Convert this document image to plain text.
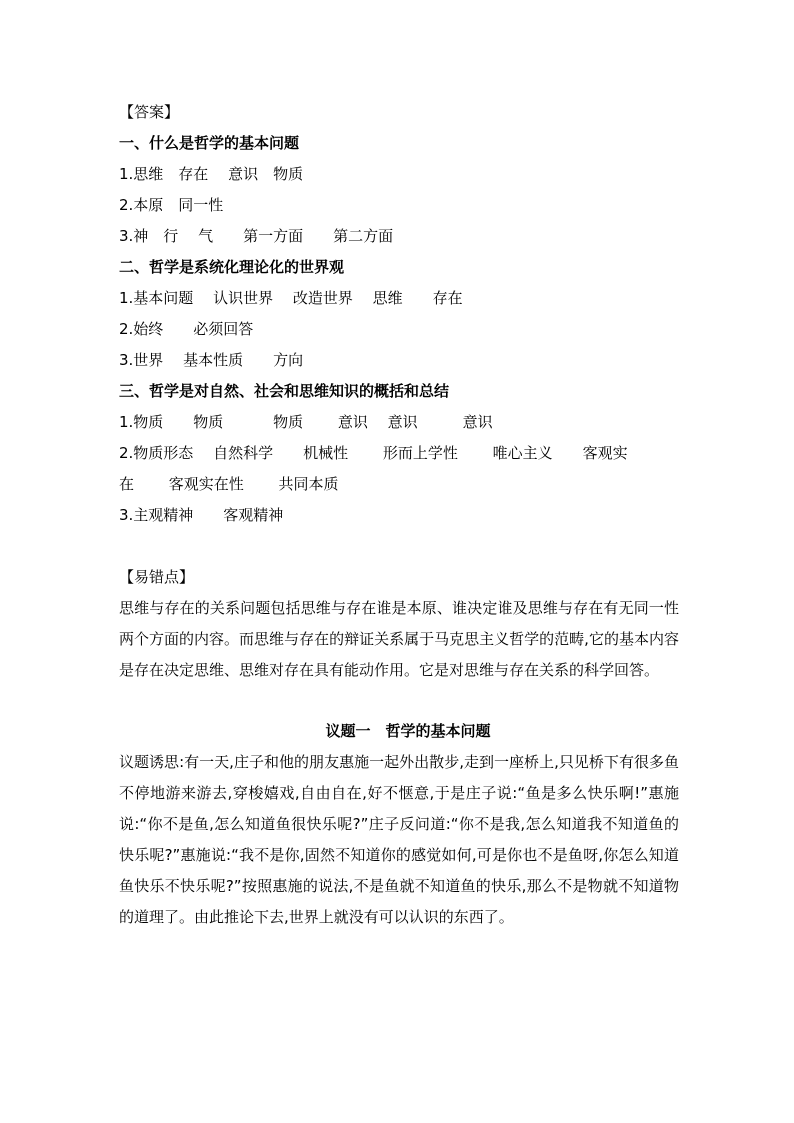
【答案】
一、什么是哲学的基本问题
1.思维　存在　 意识　物质
2.本原　同一性
3.神　行　 气　　第一方面　　第二方面
二、哲学是系统化理论化的世界观
1.基本问题　 认识世界　 改造世界　 思维　　存在
2.始终　　必须回答
3.世界　 基本性质　　方向
三、哲学是对自然、社会和思维知识的概括和总结
1.物质　　物质　　　 物质　　 意识　 意识　　　意识
2.物质形态　 自然科学　　机械性　　 形而上学性　　 唯心主义　　客观实
在　　 客观实在性　　 共同本质
3.主观精神　　客观精神
【易错点】
思维与存在的关系问题包括思维与存在谁是本原、谁决定谁及思维与存在有无同一性两个方面的内容。而思维与存在的辩证关系属于马克思主义哲学的范畴,它的基本内容是存在决定思维、思维对存在具有能动作用。它是对思维与存在关系的科学回答。
议题一　哲学的基本问题
议题诱思:有一天,庄子和他的朋友惠施一起外出散步,走到一座桥上,只见桥下有很多鱼不停地游来游去,穿梭嬉戏,自由自在,好不惬意,于是庄子说:“鱼是多么快乐啊!”惠施说:“你不是鱼,怎么知道鱼很快乐呢?”庄子反问道:“你不是我,怎么知道我不知道鱼的快乐呢?”惠施说:“我不是你,固然不知道你的感觉如何,可是你也不是鱼呀,你怎么知道鱼快乐不快乐呢?”按照惠施的说法,不是鱼就不知道鱼的快乐,那么不是物就不知道物的道理了。由此推论下去,世界上就没有可以认识的东西了。
